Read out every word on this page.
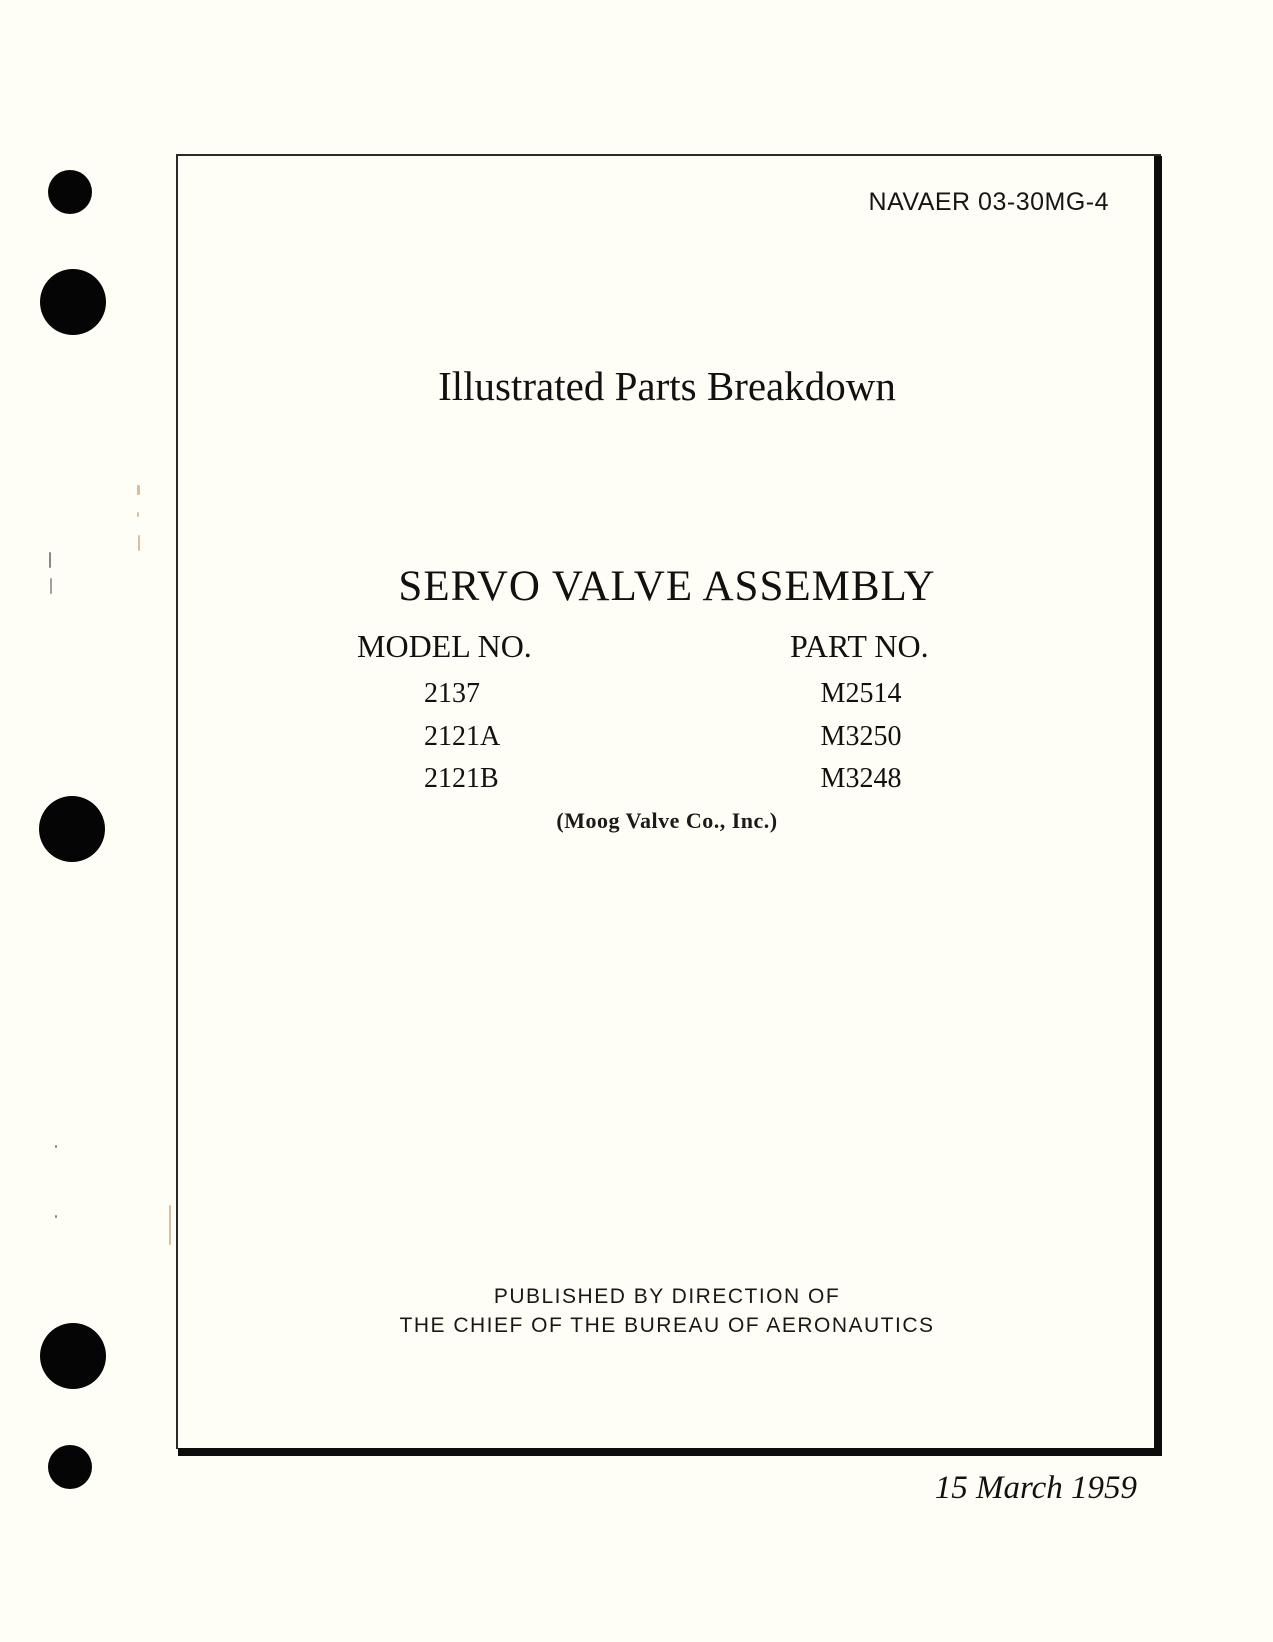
NAVAER 03-30MG-4
Illustrated Parts Breakdown
SERVO VALVE ASSEMBLY
MODEL NO.	PART NO.
2137	M2514
2121A	M3250
2121B	M3248
(Moog Valve Co., Inc.)
PUBLISHED BY DIRECTION OF
THE CHIEF OF THE BUREAU OF AERONAUTICS
15 March 1959
